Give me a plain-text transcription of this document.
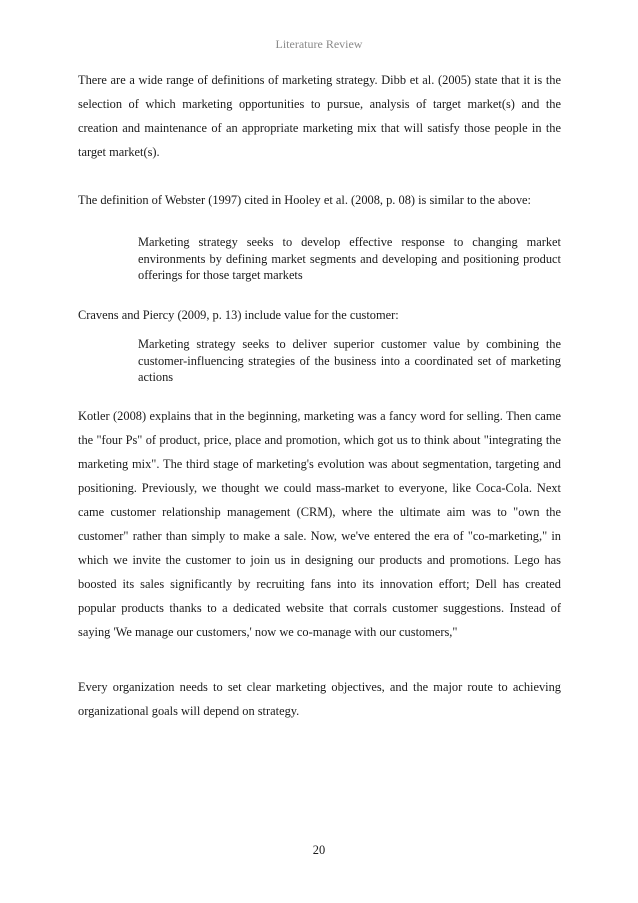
Literature Review

There are a wide range of definitions of marketing strategy. Dibb et al. (2005) state that it is the selection of which marketing opportunities to pursue, analysis of target market(s) and the creation and maintenance of an appropriate marketing mix that will satisfy those people in the target market(s).

The definition of Webster (1997) cited in Hooley et al. (2008, p. 08) is similar to the above:

Marketing strategy seeks to develop effective response to changing market environments by defining market segments and developing and positioning product offerings for those target markets

Cravens and Piercy (2009, p. 13) include value for the customer:

Marketing strategy seeks to deliver superior customer value by combining the customer-influencing strategies of the business into a coordinated set of marketing actions

Kotler (2008) explains that in the beginning, marketing was a fancy word for selling. Then came the "four Ps" of product, price, place and promotion, which got us to think about "integrating the marketing mix". The third stage of marketing's evolution was about segmentation, targeting and positioning. Previously, we thought we could mass-market to everyone, like Coca-Cola. Next came customer relationship management (CRM), where the ultimate aim was to "own the customer" rather than simply to make a sale. Now, we've entered the era of "co-marketing," in which we invite the customer to join us in designing our products and promotions. Lego has boosted its sales significantly by recruiting fans into its innovation effort; Dell has created popular products thanks to a dedicated website that corrals customer suggestions. Instead of saying 'We manage our customers,' now we co-manage with our customers,"

Every organization needs to set clear marketing objectives, and the major route to achieving organizational goals will depend on strategy.

20
